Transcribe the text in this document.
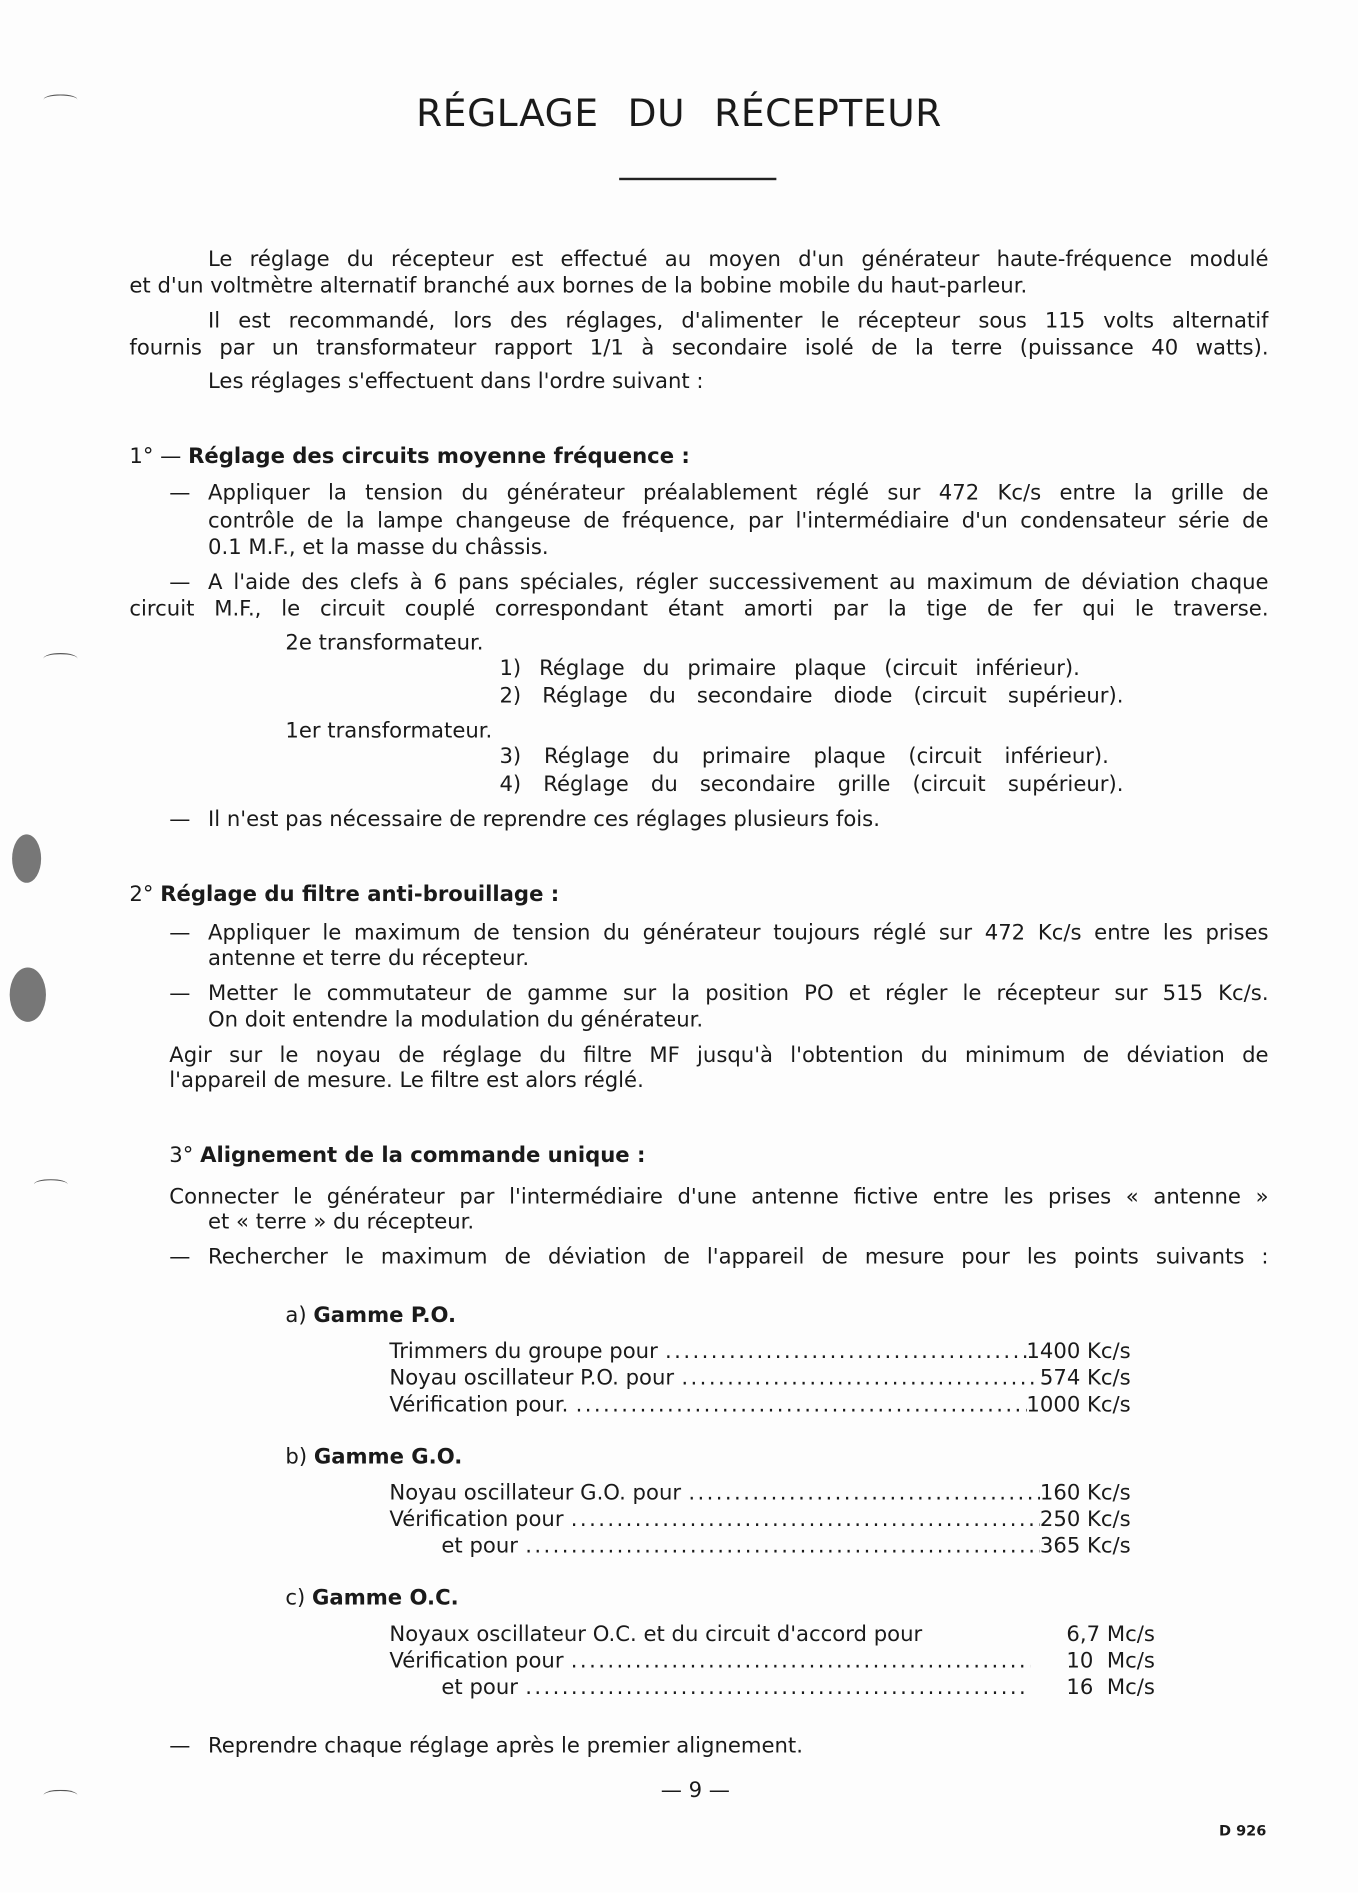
RÉGLAGE DU RÉCEPTEUR
Le réglage du récepteur est effectué au moyen d'un générateur haute-fréquence modulé
et d'un voltmètre alternatif branché aux bornes de la bobine mobile du haut-parleur.
Il est recommandé, lors des réglages, d'alimenter le récepteur sous 115 volts alternatif
fournis par un transformateur rapport 1/1 à secondaire isolé de la terre (puissance 40 watts).
Les réglages s'effectuent dans l'ordre suivant :
1° — Réglage des circuits moyenne fréquence :
— Appliquer la tension du générateur préalablement réglé sur 472 Kc/s entre la grille de
contrôle de la lampe changeuse de fréquence, par l'intermédiaire d'un condensateur série de
0.1 M.F., et la masse du châssis.
— A l'aide des clefs à 6 pans spéciales, régler successivement au maximum de déviation chaque
circuit M.F., le circuit couplé correspondant étant amorti par la tige de fer qui le traverse.
2e transformateur.
1) Réglage du primaire plaque (circuit inférieur).
2) Réglage du secondaire diode (circuit supérieur).
1er transformateur.
3) Réglage du primaire plaque (circuit inférieur).
4) Réglage du secondaire grille (circuit supérieur).
— Il n'est pas nécessaire de reprendre ces réglages plusieurs fois.
2° Réglage du filtre anti-brouillage :
— Appliquer le maximum de tension du générateur toujours réglé sur 472 Kc/s entre les prises
antenne et terre du récepteur.
— Metter le commutateur de gamme sur la position PO et régler le récepteur sur 515 Kc/s.
On doit entendre la modulation du générateur.
Agir sur le noyau de réglage du filtre MF jusqu'à l'obtention du minimum de déviation de
l'appareil de mesure. Le filtre est alors réglé.
3° Alignement de la commande unique :
Connecter le générateur par l'intermédiaire d'une antenne fictive entre les prises « antenne »
et « terre » du récepteur.
— Rechercher le maximum de déviation de l'appareil de mesure pour les points suivants :
a) Gamme P.O.
Trimmers du groupe pour .....	1400 Kc/s
Noyau oscillateur P.O. pour .....	574 Kc/s
Vérification pour. .....	1000 Kc/s
b) Gamme G.O.
Noyau oscillateur G.O. pour .....	160 Kc/s
Vérification pour .....	250 Kc/s
et pour .....	365 Kc/s
c) Gamme O.C.
Noyaux oscillateur O.C. et du circuit d'accord pour	6,7 Mc/s
Vérification pour .....	10  Mc/s
et pour .....	16  Mc/s
— Reprendre chaque réglage après le premier alignement.
— 9 —
D 926
